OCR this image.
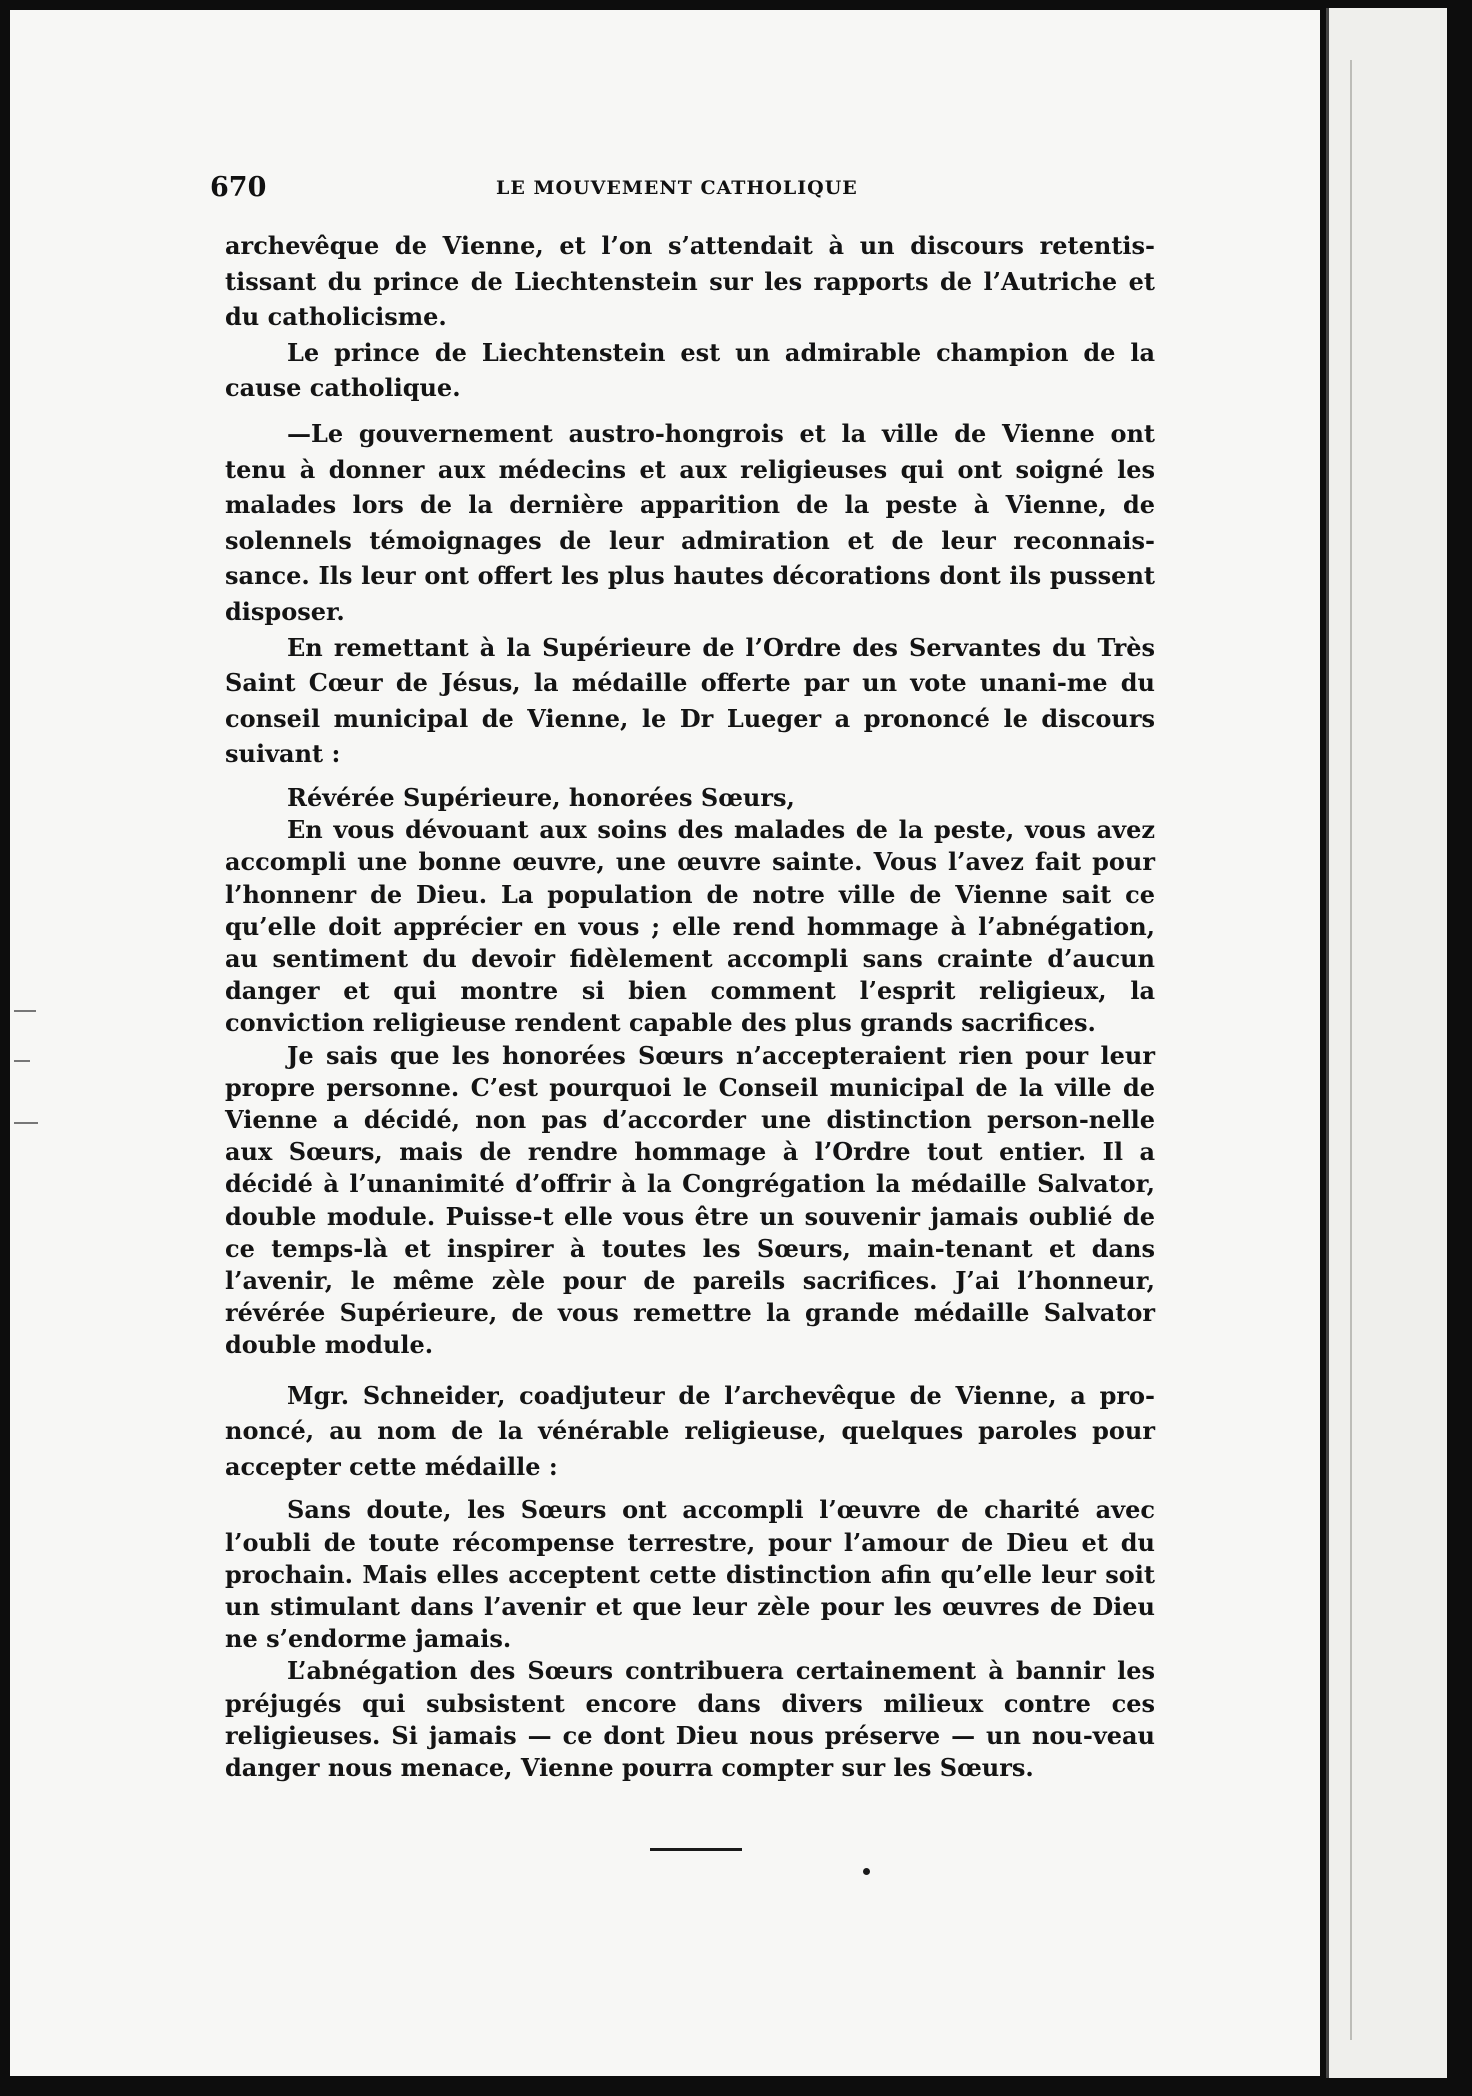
670	LE MOUVEMENT CATHOLIQUE

archevêque de Vienne, et l’on s’attendait à un discours retentis-tissant du prince de Liechtenstein sur les rapports de l’Autriche et du catholicisme.

Le prince de Liechtenstein est un admirable champion de la cause catholique.

—Le gouvernement austro-hongrois et la ville de Vienne ont tenu à donner aux médecins et aux religieuses qui ont soigné les malades lors de la dernière apparition de la peste à Vienne, de solennels témoignages de leur admiration et de leur reconnais-sance. Ils leur ont offert les plus hautes décorations dont ils pussent disposer.

En remettant à la Supérieure de l’Ordre des Servantes du Très Saint Cœur de Jésus, la médaille offerte par un vote unani-me du conseil municipal de Vienne, le Dr Lueger a prononcé le discours suivant :

Révérée Supérieure, honorées Sœurs,

En vous dévouant aux soins des malades de la peste, vous avez accompli une bonne œuvre, une œuvre sainte. Vous l’avez fait pour l’honnenr de Dieu. La population de notre ville de Vienne sait ce qu’elle doit apprécier en vous ; elle rend hommage à l’abnégation, au sentiment du devoir fidèlement accompli sans crainte d’aucun danger et qui montre si bien comment l’esprit religieux, la conviction religieuse rendent capable des plus grands sacrifices.

Je sais que les honorées Sœurs n’accepteraient rien pour leur propre personne. C’est pourquoi le Conseil municipal de la ville de Vienne a décidé, non pas d’accorder une distinction person-nelle aux Sœurs, mais de rendre hommage à l’Ordre tout entier. Il a décidé à l’unanimité d’offrir à la Congrégation la médaille Salvator, double module. Puisse-t elle vous être un souvenir jamais oublié de ce temps-là et inspirer à toutes les Sœurs, main-tenant et dans l’avenir, le même zèle pour de pareils sacrifices. J’ai l’honneur, révérée Supérieure, de vous remettre la grande médaille Salvator double module.

Mgr. Schneider, coadjuteur de l’archevêque de Vienne, a pro-noncé, au nom de la vénérable religieuse, quelques paroles pour accepter cette médaille :

Sans doute, les Sœurs ont accompli l’œuvre de charité avec l’oubli de toute récompense terrestre, pour l’amour de Dieu et du prochain. Mais elles acceptent cette distinction afin qu’elle leur soit un stimulant dans l’avenir et que leur zèle pour les œuvres de Dieu ne s’endorme jamais.

L’abnégation des Sœurs contribuera certainement à bannir les préjugés qui subsistent encore dans divers milieux contre ces religieuses. Si jamais — ce dont Dieu nous préserve — un nou-veau danger nous menace, Vienne pourra compter sur les Sœurs.
